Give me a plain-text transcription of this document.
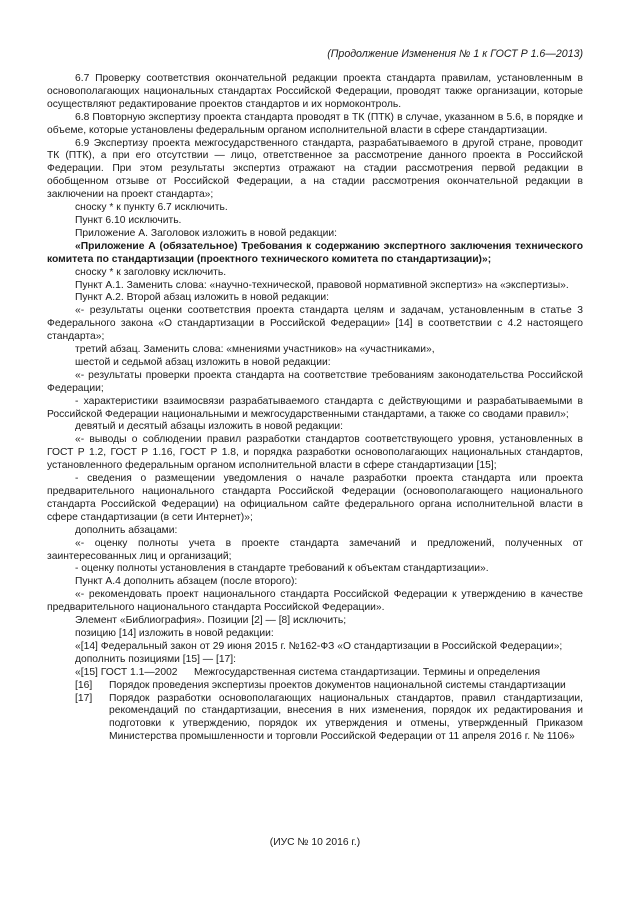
(Продолжение Изменения № 1 к ГОСТ Р 1.6—2013)

6.7 Проверку соответствия окончательной редакции проекта стандарта правилам, установленным в основополагающих национальных стандартах Российской Федерации, проводят также организации, которые осуществляют редактирование проектов стандартов и их нормоконтроль.

6.8 Повторную экспертизу проекта стандарта проводят в ТК (ПТК) в случае, указанном в 5.6, в порядке и объеме, которые установлены федеральным органом исполнительной власти в сфере стандартизации.

6.9 Экспертизу проекта межгосударственного стандарта, разрабатываемого в другой стране, проводит ТК (ПТК), а при его отсутствии — лицо, ответственное за рассмотрение данного проекта в Российской Федерации. При этом результаты экспертиз отражают на стадии рассмотрения первой редакции в обобщенном отзыве от Российской Федерации, а на стадии рассмотрения окончательной редакции в заключении на проект стандарта»;

сноску * к пункту 6.7 исключить.

Пункт 6.10 исключить.

Приложение А. Заголовок изложить в новой редакции:

«Приложение А (обязательное) Требования к содержанию экспертного заключения технического комитета по стандартизации (проектного технического комитета по стандартизации)»;

сноску * к заголовку исключить.

Пункт А.1. Заменить слова: «научно-технической, правовой нормативной экспертиз» на «экспертизы».

Пункт А.2. Второй абзац изложить в новой редакции:

«- результаты оценки соответствия проекта стандарта целям и задачам, установленным в статье 3 Федерального закона «О стандартизации в Российской Федерации» [14] в соответствии с 4.2 настоящего стандарта»;

третий абзац. Заменить слова: «мнениями участников» на «участниками»,

шестой и седьмой абзац изложить в новой редакции:

«- результаты проверки проекта стандарта на соответствие требованиям законодательства Российской Федерации;

- характеристики взаимосвязи разрабатываемого стандарта с действующими и разрабатываемыми в Российской Федерации национальными и межгосударственными стандартами, а также со сводами правил»;

девятый и десятый абзацы изложить в новой редакции:

«- выводы о соблюдении правил разработки стандартов соответствующего уровня, установленных в ГОСТ Р 1.2, ГОСТ Р 1.16, ГОСТ Р 1.8, и порядка разработки основополагающих национальных стандартов, установленного федеральным органом исполнительной власти в сфере стандартизации [15];

- сведения о размещении уведомления о начале разработки проекта стандарта или проекта предварительного национального стандарта Российской Федерации (основополагающего национального стандарта Российской Федерации) на официальном сайте федерального органа исполнительной власти в сфере стандартизации (в сети Интернет)»;

дополнить абзацами:

«- оценку полноты учета в проекте стандарта замечаний и предложений, полученных от заинтересованных лиц и организаций;

- оценку полноты установления в стандарте требований к объектам стандартизации».

Пункт А.4 дополнить абзацем (после второго):

«- рекомендовать проект национального стандарта Российской Федерации к утверждению в качестве предварительного национального стандарта Российской Федерации».

Элемент «Библиография». Позиции [2] — [8] исключить;

позицию [14] изложить в новой редакции:

«[14] Федеральный закон от 29 июня 2015 г. №162-ФЗ «О стандартизации в Российской Федерации»;
дополнить позициями [15] — [17]:
«[15] ГОСТ 1.1—2002	Межгосударственная система стандартизации. Термины и определения
[16]	Порядок проведения экспертизы проектов документов национальной системы стандартизации
[17]	Порядок разработки основополагающих национальных стандартов, правил стандартизации, рекомендаций по стандартизации, внесения в них изменения, порядок их редактирования и подготовки к утверждению, порядок их утверждения и отмены, утвержденный Приказом Министерства промышленности и торговли Российской Федерации от 11 апреля 2016 г. № 1106»
(ИУС № 10 2016 г.)
